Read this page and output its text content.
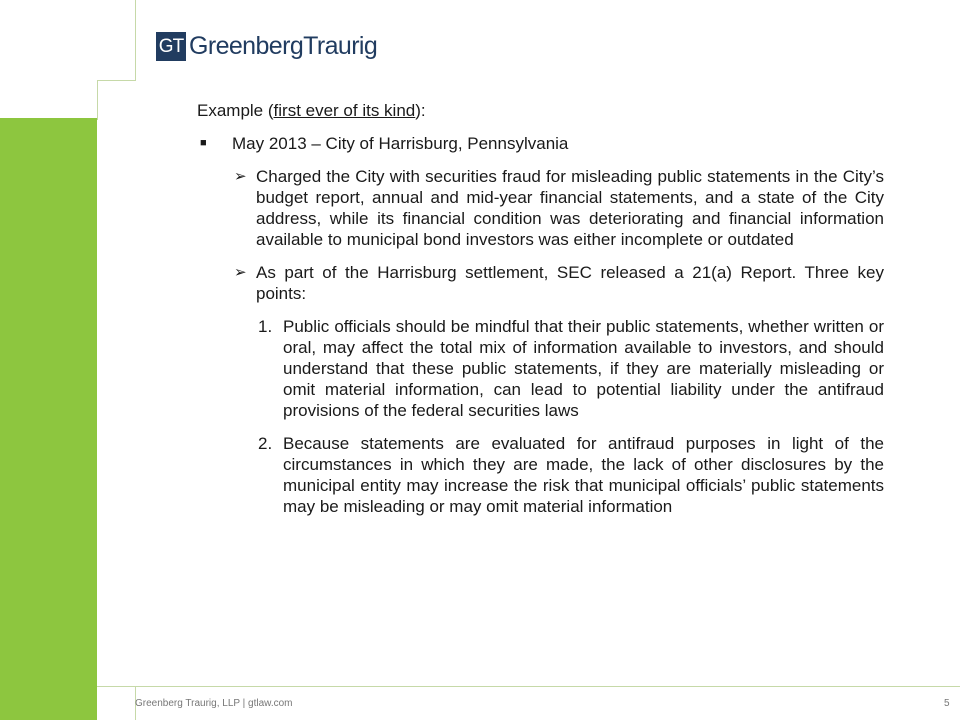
GT GreenbergTraurig

Example (first ever of its kind):

■ May 2013 – City of Harrisburg, Pennsylvania
➢ Charged the City with securities fraud for misleading public statements in the City’s budget report, annual and mid-year financial statements, and a state of the City address, while its financial condition was deteriorating and financial information available to municipal bond investors was either incomplete or outdated
➢ As part of the Harrisburg settlement, SEC released a 21(a) Report. Three key points:
1. Public officials should be mindful that their public statements, whether written or oral, may affect the total mix of information available to investors, and should understand that these public statements, if they are materially misleading or omit material information, can lead to potential liability under the antifraud provisions of the federal securities laws
2. Because statements are evaluated for antifraud purposes in light of the circumstances in which they are made, the lack of other disclosures by the municipal entity may increase the risk that municipal officials’ public statements may be misleading or may omit material information
Greenberg Traurig, LLP | gtlaw.com	5
